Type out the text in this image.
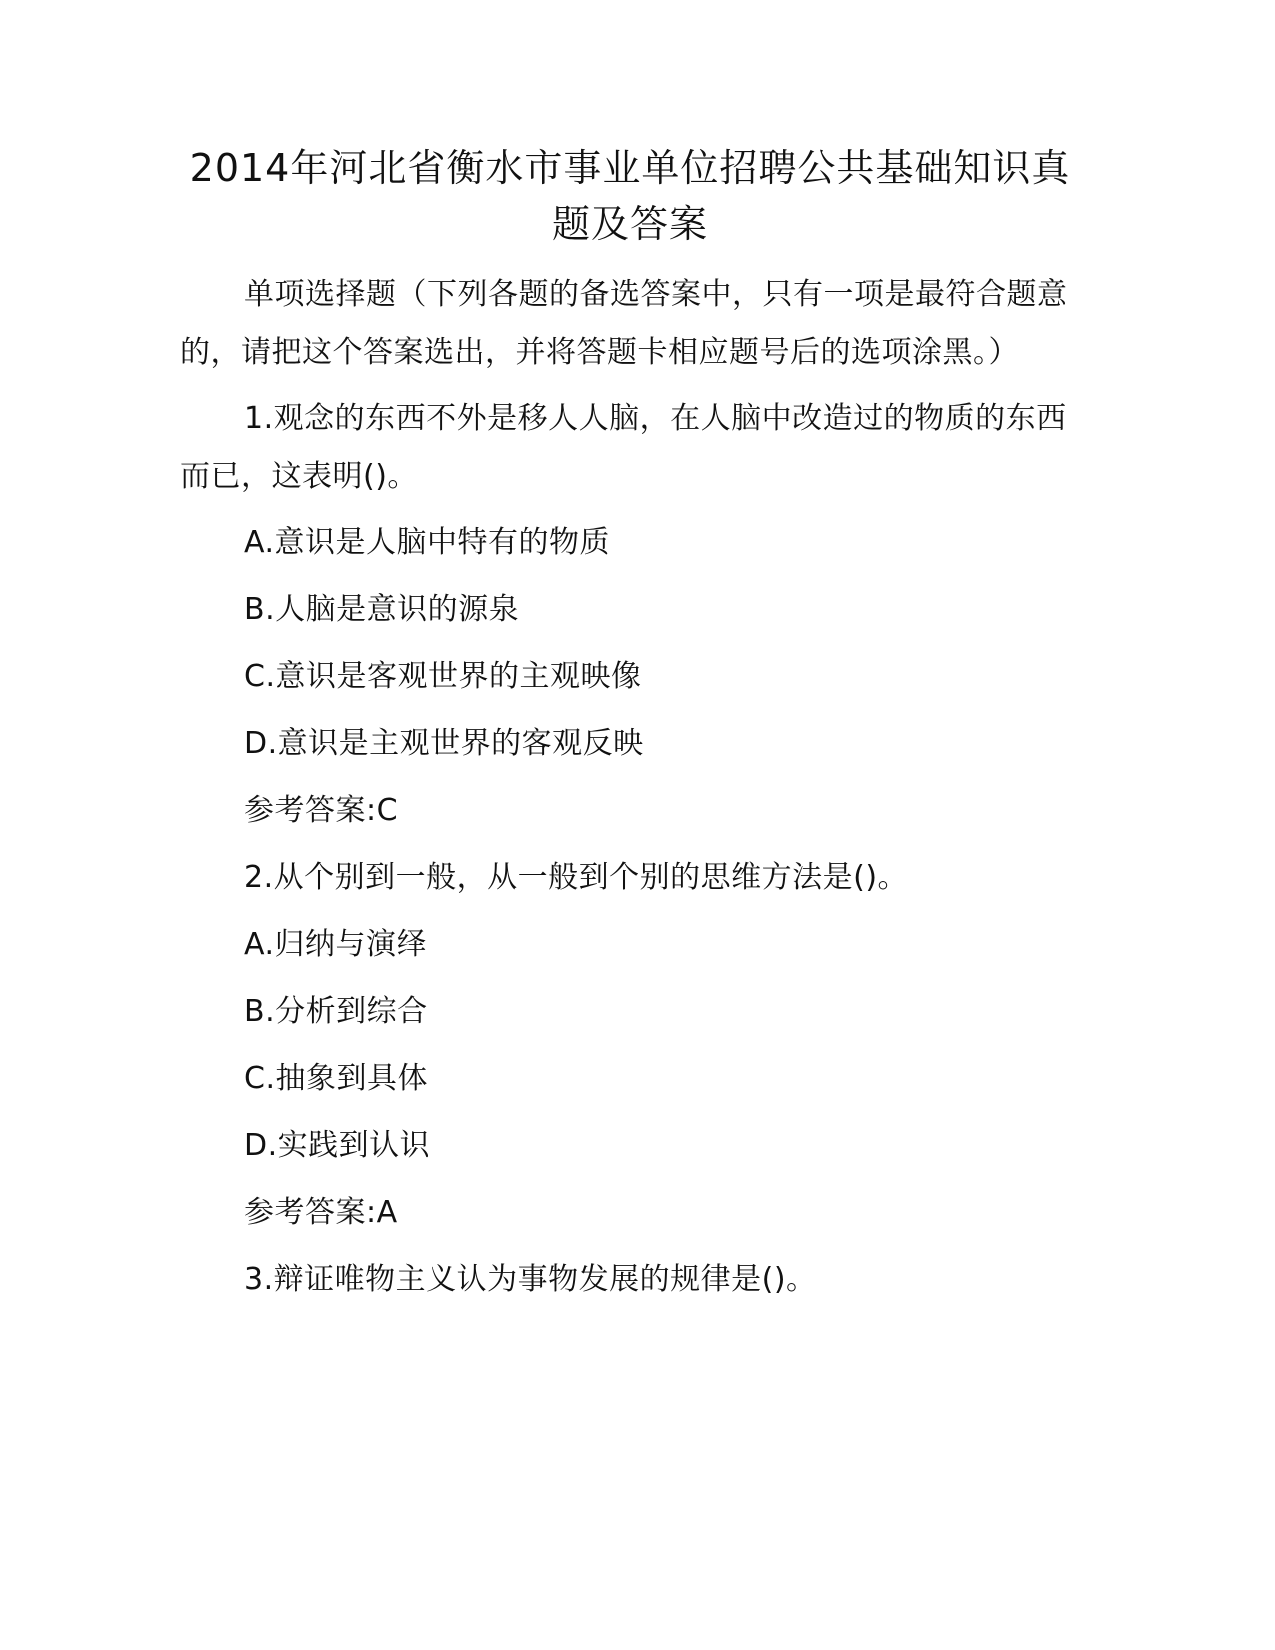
2014年河北省衡水市事业单位招聘公共基础知识真题及答案

单项选择题（下列各题的备选答案中，只有一项是最符合题意的，请把这个答案选出，并将答题卡相应题号后的选项涂黑。）

1.观念的东西不外是移人人脑，在人脑中改造过的物质的东西而已，这表明()。

A.意识是人脑中特有的物质
B.人脑是意识的源泉
C.意识是客观世界的主观映像
D.意识是主观世界的客观反映
参考答案:C
2.从个别到一般，从一般到个别的思维方法是()。
A.归纳与演绎
B.分析到综合
C.抽象到具体
D.实践到认识
参考答案:A
3.辩证唯物主义认为事物发展的规律是()。
